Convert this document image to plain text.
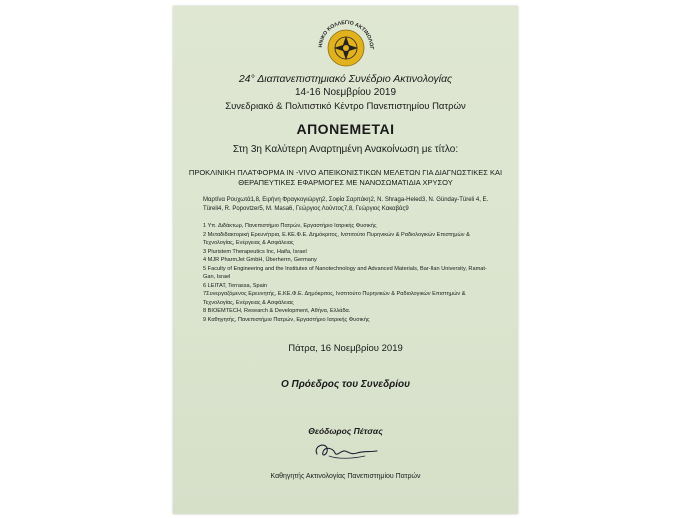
ΗΝΙΚΟ ΚΟΛΛΕΓΙΟ ΑΚΤΙΝΟΛΟΓ
24° Διαπανεπιστημιακό Συνέδριο Ακτινολογίας
14-16 Νοεμβρίου 2019
Συνεδριακό & Πολιτιστικό Κέντρο Πανεπιστημίου Πατρών
ΑΠΟΝΕΜΕΤΑΙ
Στη 3η Καλύτερη Αναρτημένη Ανακοίνωση με τίτλο:
ΠΡΟΚΛΙΝΙΚΗ ΠΛΑΤΦΟΡΜΑ IN -VIVO ΑΠΕΙΚΟΝΙΣΤΙΚΩΝ ΜΕΛΕΤΩΝ ΓΙΑ ΔΙΑΓΝΩΣΤΙΚΕΣ ΚΑΙ ΘΕΡΑΠΕΥΤΙΚΕΣ ΕΦΑΡΜΟΓΕΣ ΜΕ ΝΑΝΟΣΩΜΑΤΙΔΙΑ ΧΡΥΣΟΥ
Μαρτίνα Ρουχωτά1,8, Ειρήνη Φραγκογιώργη2, Σοφία Σαρπάκη2, N. Shraga-Heled3, N. Günday-Türeli 4, E. Türeli4, R. Popovtzer5, M. Masa6, Γεώργιος Λούντος7,8, Γεώργιος Κακαβάς9
1 Υπ. Διδάκτωρ, Πανεπιστήμιο Πατρών, Εργαστήριο Ιατρικής Φυσικής
2 Μεταδιδακτορική Ερευνήτρια, Ε.ΚΕ.Φ.Ε. Δημόκριτος, Ινστιτούτο Πυρηνικών & Ραδιολογικών Επιστημών & Τεχνολογίας, Ενέργειας & Ασφάλειας
3 Pluristem Therapeutics Inc, Haifa, Israel
4 MJR PharmJet GmbH, Überherrn, Germany
5 Faculty of Engineering and the Institutes of Nanotechnology and Advanced Materials, Bar-Ilan University, Ramat-Gan, Israel
6 LEITAT, Terrassa, Spain
7Συνεργαζόμενος Ερευνητής, Ε.ΚΕ.Φ.Ε. Δημόκριτος, Ινστιτούτο Πυρηνικών & Ραδιολογικών Επιστημών & Τεχνολογίας, Ενέργειας & Ασφάλειας
8 BIOEMTECH, Research & Development, Αθήνα, Ελλάδα.
9 Καθηγητής, Πανεπιστήμιο Πατρών, Εργαστήριο Ιατρικής Φυσικής
Πάτρα, 16 Νοεμβρίου 2019
Ο Πρόεδρος του Συνεδρίου
Θεόδωρος Πέτσας
Καθηγητής Ακτινολογίας Πανεπιστημίου Πατρών
